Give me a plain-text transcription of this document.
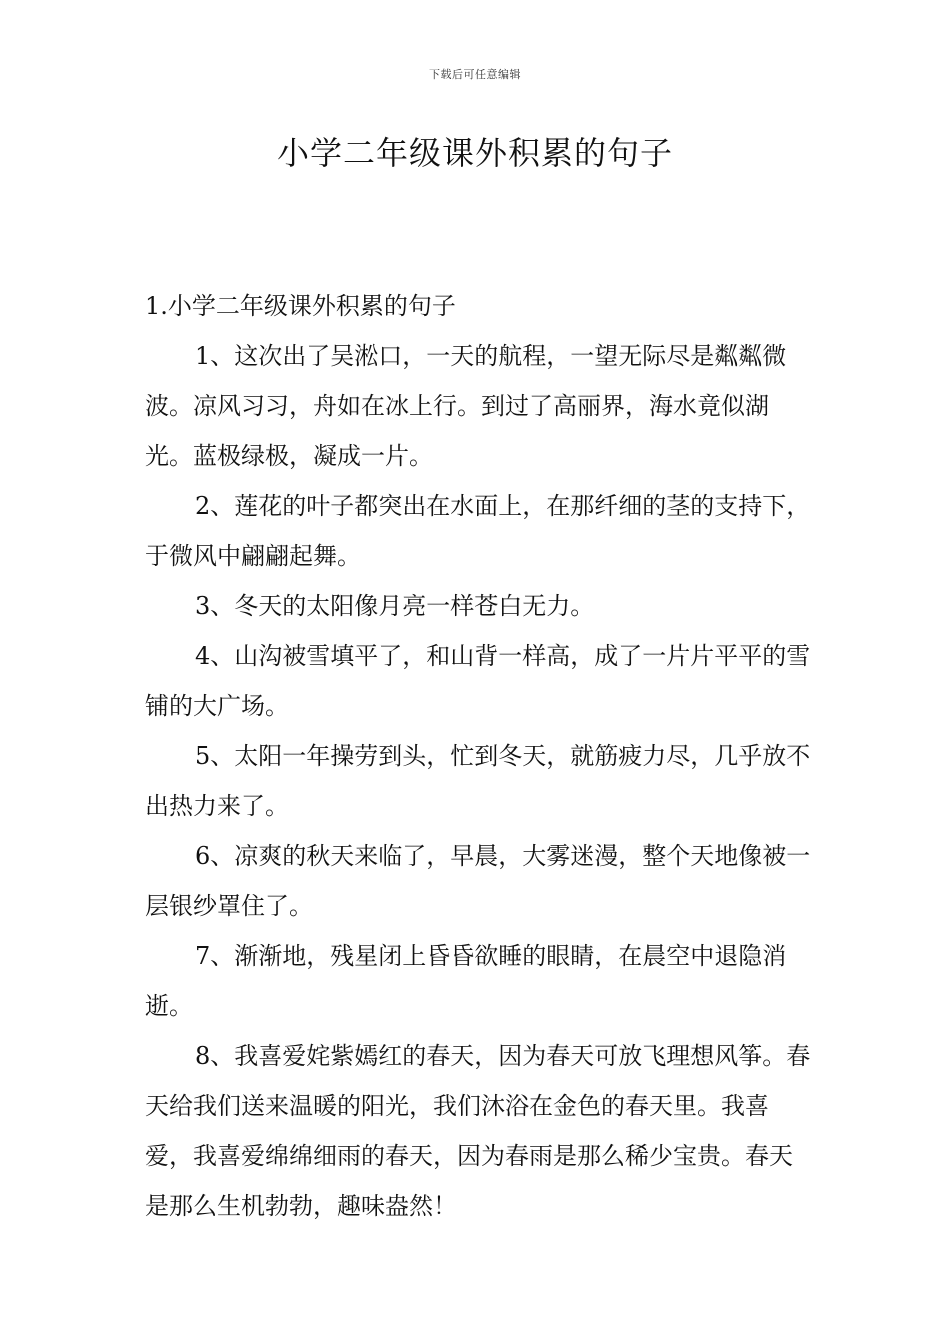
下载后可任意编辑
小学二年级课外积累的句子

1.小学二年级课外积累的句子

1、这次出了吴淞口，一天的航程，一望无际尽是粼粼微波。凉风习习，舟如在冰上行。到过了高丽界，海水竟似湖光。蓝极绿极，凝成一片。

2、莲花的叶子都突出在水面上，在那纤细的茎的支持下，于微风中翩翩起舞。

3、冬天的太阳像月亮一样苍白无力。

4、山沟被雪填平了，和山背一样高，成了一片片平平的雪铺的大广场。

5、太阳一年操劳到头，忙到冬天，就筋疲力尽，几乎放不出热力来了。

6、凉爽的秋天来临了，早晨，大雾迷漫，整个天地像被一层银纱罩住了。

7、渐渐地，残星闭上昏昏欲睡的眼睛，在晨空中退隐消逝。

8、我喜爱姹紫嫣红的春天，因为春天可放飞理想风筝。春天给我们送来温暖的阳光，我们沐浴在金色的春天里。我喜爱，我喜爱绵绵细雨的春天，因为春雨是那么稀少宝贵。春天是那么生机勃勃，趣味盎然！
